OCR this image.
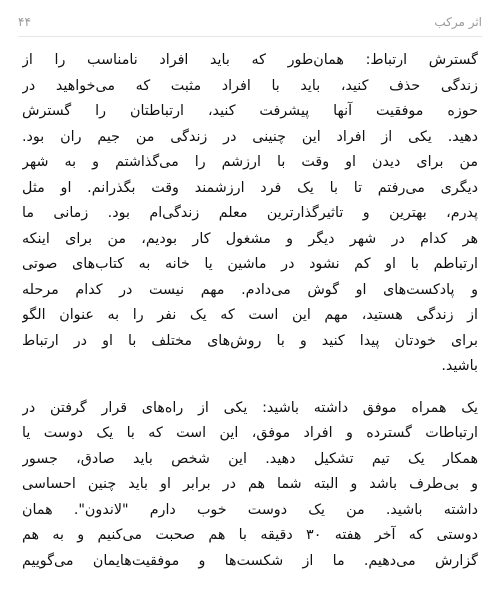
اثر مرکب
۴۴
گسترش ارتباط: همان‌طور که باید افراد نامناسب را از
زندگی حذف کنید، باید با افراد مثبت که می‌خواهید در
حوزه موفقیت آنها پیشرفت کنید، ارتباطتان را گسترش
دهید. یکی از افراد این چنینی در زندگی من جیم ران بود.
من برای دیدن او وقت با ارزشم را می‌گذاشتم و به شهر
دیگری می‌رفتم تا با یک فرد ارزشمند وقت بگذرانم. او مثل
پدرم، بهترین و تاثیرگذارترین معلم زندگی‌ام بود. زمانی ما
هر کدام در شهر دیگر و مشغول کار بودیم، من برای اینکه
ارتباطم با او کم نشود در ماشین یا خانه به کتاب‌های صوتی
و پادکست‌های او گوش می‌دادم. مهم نیست در کدام مرحله
از زندگی هستید، مهم این است که یک نفر را به عنوان الگو
برای خودتان پیدا کنید و با روش‌های مختلف با او در ارتباط
باشید.
یک همراه موفق داشته باشید: یکی از راه‌های قرار گرفتن در
ارتباطات گسترده و افراد موفق، این است که با یک دوست یا
همکار یک تیم تشکیل دهید. این شخص باید صادق، جسور
و بی‌طرف باشد و البته شما هم در برابر او باید چنین احساسی
داشته باشید. من یک دوست خوب دارم "لاندون". همان
دوستی که آخر هفته ۳۰ دقیقه با هم صحبت می‌کنیم و به هم
گزارش می‌دهیم. ما از شکست‌ها و موفقیت‌هایمان می‌گوییم
